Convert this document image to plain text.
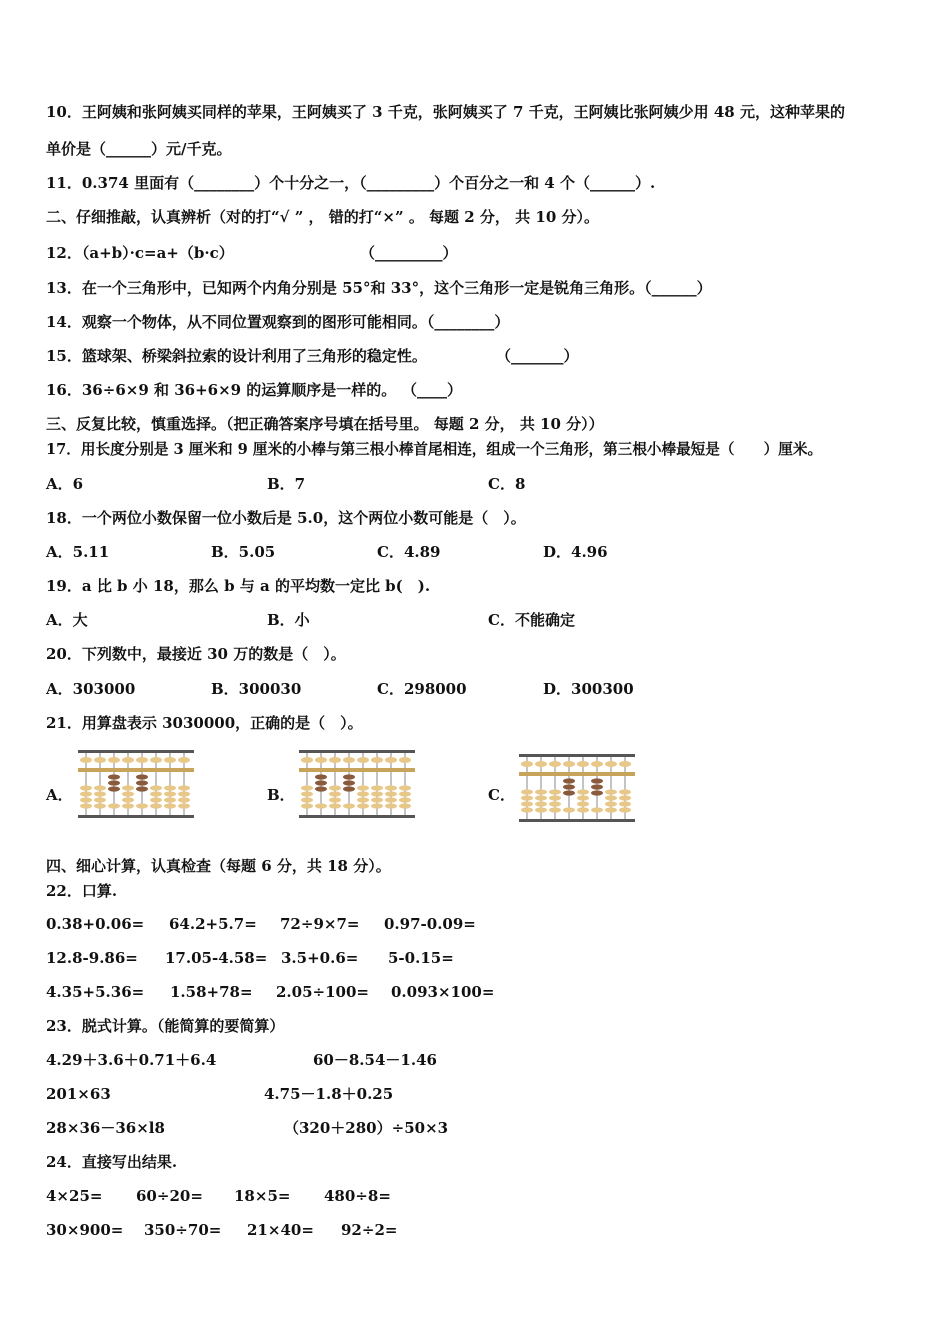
10．王阿姨和张阿姨买同样的苹果，王阿姨买了 3 千克，张阿姨买了 7 千克，王阿姨比张阿姨少用 48 元，这种苹果的
单价是（______）元/千克。
11．0.374 里面有（________）个十分之一，（_________）个百分之一和 4 个（______）.
二、仔细推敲，认真辨析（对的打“√ ” ， 错的打“×” 。 每题 2 分， 共 10 分）。
12．（a+b）·c=a+（b·c）	（_________）
13．在一个三角形中，已知两个内角分别是 55°和 33°，这个三角形一定是锐角三角形。（______）
14．观察一个物体，从不同位置观察到的图形可能相同。（________）
15．篮球架、桥梁斜拉索的设计利用了三角形的稳定性。	（_______）
16．36÷6×9 和 36+6×9 的运算顺序是一样的。 （____）
三、反复比较，慎重选择。（把正确答案序号填在括号里。 每题 2 分， 共 10 分））
17．用长度分别是 3 厘米和 9 厘米的小棒与第三根小棒首尾相连，组成一个三角形，第三根小棒最短是（　　）厘米。
A．6	B．7	C．8
18．一个两位小数保留一位小数后是 5.0，这个两位小数可能是（　）。
A．5.11	B．5.05	C．4.89	D．4.96
19．a 比 b 小 18，那么 b 与 a 的平均数一定比 b(　).
A．大	B．小	C．不能确定
20．下列数中，最接近 30 万的数是（　）。
A．303000	B．300030	C．298000	D．300300
21．用算盘表示 3030000，正确的是（　）。
A．	B．	C．
四、细心计算，认真检查（每题 6 分，共 18 分）。
22．口算.
0.38+0.06= 64.2+5.7= 72÷9×7= 0.97-0.09=
12.8-9.86= 17.05-4.58= 3.5+0.6= 5-0.15=
4.35+5.36= 1.58+78= 2.05÷100= 0.093×100=
23．脱式计算。（能简算的要简算）
4.29＋3.6＋0.71＋6.4	60－8.54－1.46
201×63	4.75－1.8＋0.25
28×36－36×l8	（320＋280）÷50×3
24．直接写出结果.
4×25= 60÷20= 18×5= 480÷8=
30×900= 350÷70= 21×40= 92÷2=
